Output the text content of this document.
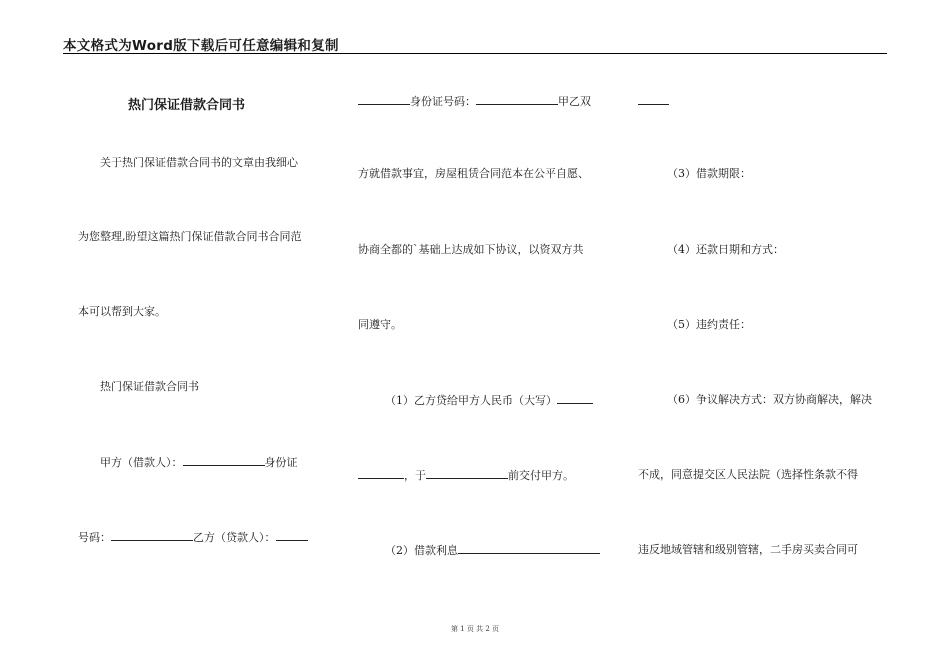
本文格式为Word版下载后可任意编辑和复制
热门保证借款合同书
关于热门保证借款合同书的文章由我细心
为您整理,盼望这篇热门保证借款合同书合同范
本可以帮到大家。
热门保证借款合同书
甲方（借款人）：	身份证
号码：	乙方（贷款人）：
身份证号码：	甲乙双
方就借款事宜，房屋租赁合同范本在公平自愿、
协商全都的`基础上达成如下协议，以资双方共
同遵守。
（1）乙方贷给甲方人民币（大写）
，于	前交付甲方。
（2）借款利息
（3）借款期限：
（4）还款日期和方式：
（5）违约责任：
（6）争议解决方式：双方协商解决，解决
不成，同意提交区人民法院（选择性条款不得
违反地域管辖和级别管辖，二手房买卖合同可
第 1 页 共 2 页
